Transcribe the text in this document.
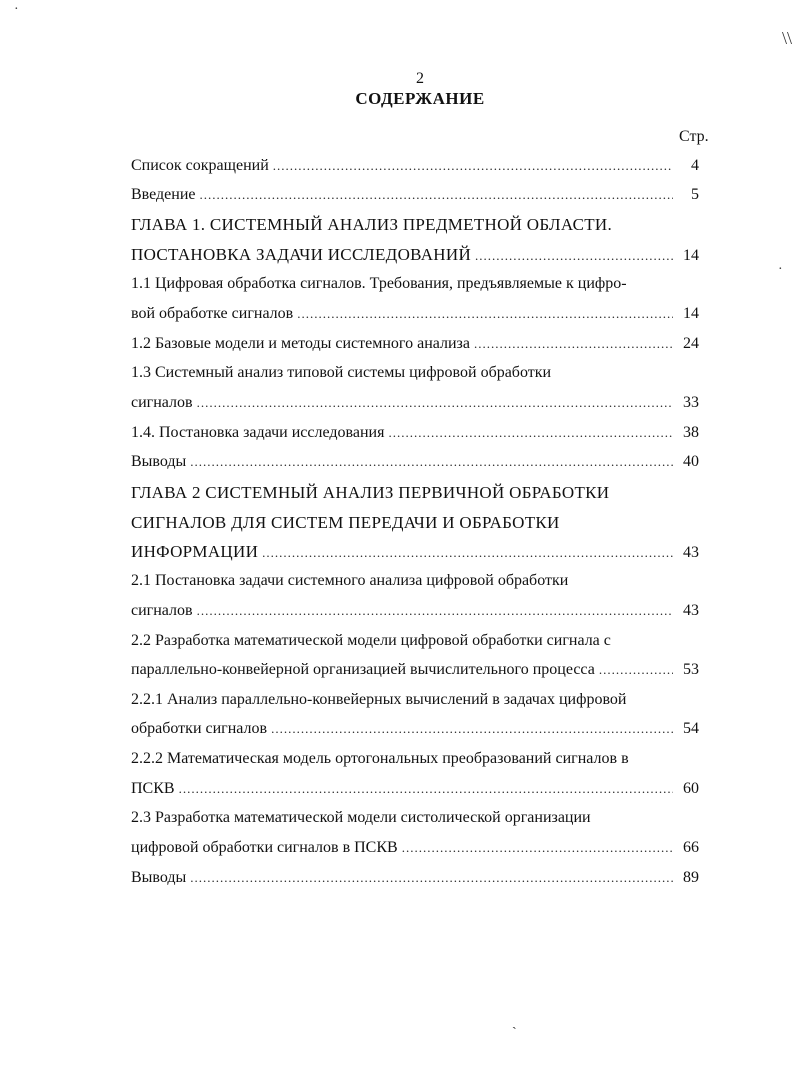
2
СОДЕРЖАНИЕ
Стр.
Список сокращений .....	4
Введение .....	5
ГЛАВА 1. СИСТЕМНЫЙ АНАЛИЗ ПРЕДМЕТНОЙ ОБЛАСТИ.
ПОСТАНОВКА ЗАДАЧИ ИССЛЕДОВАНИЙ .....	14
1.1 Цифровая обработка сигналов. Требования, предъявляемые к цифро-
вой обработке сигналов .....	14
1.2 Базовые модели и методы системного анализа .....	24
1.3 Системный анализ типовой системы цифровой обработки
сигналов .....	33
1.4. Постановка задачи исследования .....	38
Выводы .....	40
ГЛАВА 2 СИСТЕМНЫЙ АНАЛИЗ ПЕРВИЧНОЙ ОБРАБОТКИ
СИГНАЛОВ ДЛЯ СИСТЕМ ПЕРЕДАЧИ И ОБРАБОТКИ
ИНФОРМАЦИИ .....	43
2.1 Постановка задачи системного анализа цифровой обработки
сигналов .....	43
2.2 Разработка математической модели цифровой обработки сигнала с
параллельно-конвейерной организацией вычислительного процесса .....	53
2.2.1 Анализ параллельно-конвейерных вычислений в задачах цифровой
обработки сигналов .....	54
2.2.2 Математическая модель ортогональных преобразований сигналов в
ПСКВ .....	60
2.3 Разработка математической модели систолической организации
цифровой обработки сигналов в ПСКВ .....	66
Выводы .....	89
·
\\
·
ˎ
